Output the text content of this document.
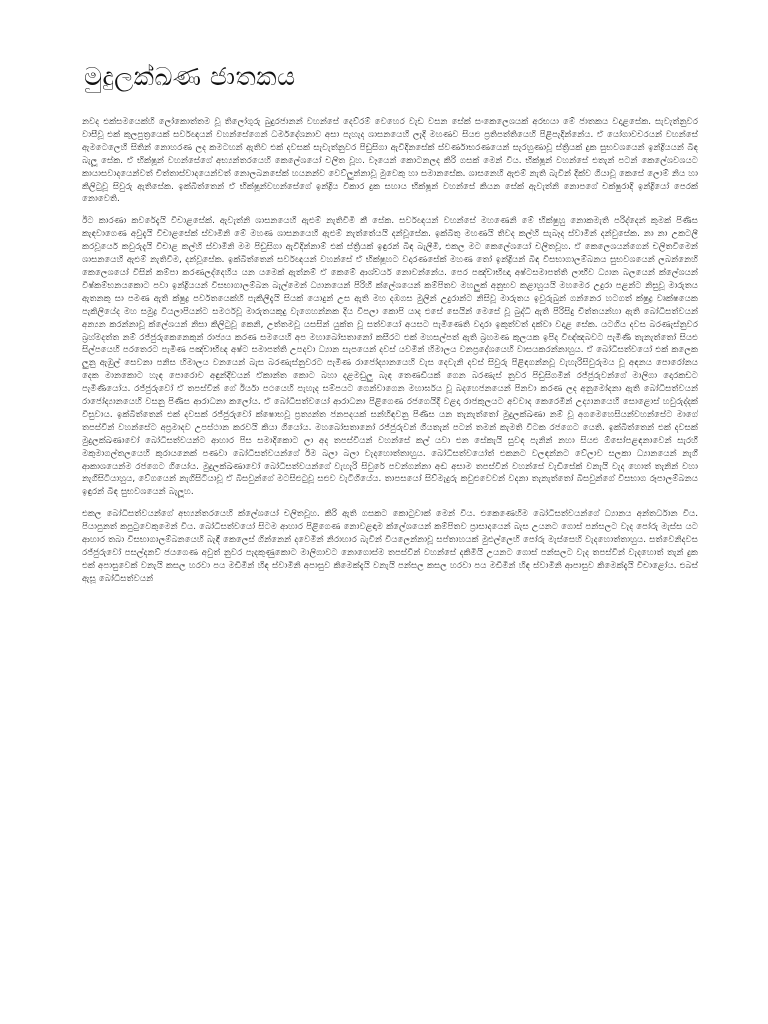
මුදුලක්ඛණ ජාතකය

නවද එක්සමයෙක්හි ලෝකොත්තම වූ තිලෝගුරු බුදුරජානන් වහන්සේ දෙව්රම් වෙහෙර වැඩ වසන සේක් සංකෙලෙශයක් අරභයා මේ ජාතකය වදාළසේක. සැවැත්නුවර වාසීවූ එක් කුලපුත්‍රයෙක් සර්වඥයන් වහන්සේගෙන් ධර්මදේශනාව අසා පැහැද ශාසනයෙහි ලැදි මහණව සියළු ප්‍රතිපත්තියෙහි පිළිපැදින්නේය. ඒ යෝගාවචරයන් වහන්සේ ඇමටෙලෙහි සිතින් නොහරණ ලද කමටහන් ඇතිව එක් දවසක් සැවැත්නුවර පිඩුසිගා ඇවිදිනසේක් ස්වර්ණාභරණයෙන් සැරහුණාවූ ස්ත්‍රියක් දුක සුභවශයෙන් ඉන්ද්‍රියයන් බිඳ බැලූ සේක. ඒ භික්ෂූන් වහන්සේගේ අභ්‍යන්තරයෙහි කෙලේශයෝ චලිත වූහ. වෑයෙන් කොටනලද කිරි ගසක් මෙන් විය. භික්ෂූන් වහන්සේ එතැන් පටන් කෙලේශවශයට කායාසවාදයෙන්වත් චිත්තාස්වාදයෙන්වත් නොලබනසේක් හයනන්ව වෙව්ලුන්නාවූ මුවෙකු හා සමානසේක. ශාසනෙහි ඇළුම් නැති බැවින් දික්ව ගියාවූ කෙසේ ලොම් නිය හා කිලිටුවූ සිවුරු ඇතිසේක. ඉක්බිත්තෙන් ඒ භික්ෂූන්වහන්සේගේ ඉන්ද්‍රිය විකාර දුක සහාය භික්ෂූන් වහන්සේ කියන සේක් ඇවැත්නි නොපගේ චක්ෂුරාදි ඉන්ද්‍රියෝ පෙරක් නොවෙති.

ඊට කාරණා කවරේදැයි විචාළසේක්. ඇවැත්නි ශාසනයෙහි ඇළුම් නැතිවිමි කී සේක. සර්වඥයන් වහන්සේ මහණෙනි මේ භික්ෂුහු නොකමැති පරිද්දෙන් කුමක් පිණිස කැඳවාගෙණ අවුදැයි විචාළසේක් ස්වාමිනි මේ මහණ ශාසනයෙහි ඇළුම් නැත්තේයයි දන්වූසේක. ඉක්බිතු මහණයි තිවද කල්හි සැබෑද ස්වාමීන් දන්වුසේක. නා නා උකටලී කරවූයෙර් කවුරුදැයි විචාළ කල්හි ස්වාමීනි මම පිඩුසිගා ඇවිදින්නාම් එක් ස්ත්‍රියක් ඉඳුරන් බිඳ බැලීමි, එකල මට කෙලේශයෝ චලිතවූහ. ඒ කෙලෙශයන්ගෙන් චලිතවීමෙන් ශාසනයෙහි ඇළුම් නැතිවීම, දන්වූසේක. ඉක්බිත්තෙන් සර්වඥයන් වහන්සේ ඒ භික්ෂූහට වදාරණසේක් මහණ තෝ ඉන්ද්‍රියන් බිඳ විසභාගාලම්බනය සුභවශයෙන් ලබන්නෙහි කෙලෙශයෝ විසින් කම්පා කරණලද්දෙහිය යන යමෙක් ඇත්නම් ඒ කෙමේ ආශ්චර්ය නොවන්නේය. පෙර පඤ්චාභිඥා අෂ්ටසමාපත්ති ලාභීව ධ්‍යාන බලයෙන් ක්ලේශයන් විෂ්කම්භනයකොට පවා ඉන්ද්‍රියයන් විසභාගාලම්බන බැල්මෙන් ධ්‍යානයෙන් පිරිහී ක්ලේශයෙන් කම්පිතව මහලුක් අනුභව කළාහුයයි මහමෙර උදුරා පළන්ට නිසුවූ මාරුතය ඇතනකු සා පමණ ඇති ක්ෂුද්‍ර පර්වතයෙක්හි පැකිලීදැයි සියක් යොදුන් උස ඇති මහ දඹගස මුලින් උදුරාන්ට නිසිවූ මාරුතය ඉවුරුබුන් ගන්නෙර හටගත් ක්ෂුද්‍ර වෘක්ෂයෙක පැකිලියේද මහ සමුද්‍ර වියලාපියන්ට සමර්ථවූ මාරුතයකුදු වැගෙහන්නක දිය විපලා කොපි යාද එසේ සෙයින් මෙසේ වූ බුද්ධි ඇති පිරිසිදු චිත්තයන්හා ඇති බෝධිසත්වයන් අන්‍යන කරන්නාවූ ක්ලේශයන් නිසා කිලිටුවූ කෙනි, උත්තමවූ යසසින් යුක්ත වූ සත්වයෝ අයසට පැමිණෙති වදාරා ඉකුත්වත් දක්වා වදාළ සේක. යටගිය දවස බරණැස්නුවර බ්‍රහ්මදත්ත නම් රජ්ජුරුකෙනෙකුන් රාජ්‍යය කරණ සමයෙහි අප මහාබෝසතානෝ කසීරට එක් මහසල්පත් ඇති බ්‍රහමණ කුලයක ඉපිද විඥ්ඤබවට පැමිණි තැනැත්තෝ සියළු සිල්පයෙහි පරතෙරට පැමිණ පඤ්චාභිඥ අෂ්ට සමාපත්ති උපදවා ධ්‍යාන සැපයෙන් දවස් යවමින් හිමාලය වනප්‍රදේශයෙහි වාසයකරන්නාහුය. ඒ බෝධිසත්වයෝ එක් කලෙක ලුනු ඇඹුල් සෙවනා පනිස හිමාලය වනයෙන් බැස බරණැස්නුවරට පැමිණ රාජෝද්‍යානයෙහි වැස දෙවැනි දවස් සිවුරු පිළිඳගන්නවූ වැහැරිසිවුරුමය වූ අඳනය පොරෝනය දෙක මානකොට හැඳ පොරොව අඳුන්දිවයන් ඒකාන්ත කොට බහා දළමඩුලු බැඳ තෙණඩියක් ගෙන බරණැස් නුවර පිඩුසිගමින් රජ්ජුරුවන්ගේ මාලිගා දොරකඩට පැමිණියෝය. රජ්ජුරුවෝ ඒ තපස්වීන් ගේ ඊර්යා පථයෙහි පැහැද සම්පයට ගෙන්වාගෙන මහාර්ඝය වූ බදහෙජනයෙන් පිනවා කරණ ලද අනුමෝදනා ඇති බෝධිසත්වයන් රාජෝද්‍යානයෙහි වසනු පිණිස ආරාධනා කලෝය. ඒ බෝධිසත්වයෝ ආරාධනා පිළිගෙණ රජගෙයිදී වළදා රාජකුලයට අවවාද කෙරෙමින් උද්‍යානයෙහි සොළොස් හවුරුද්දක් විසුවාය. ඉක්බිත්තෙන් එක් දවසක් රජ්ජුරුවෝ ක්ෂොභවූ ප්‍රත්‍යන්ත ජනපදයක් සන්හිඳවනු පිණිස යන තැනැත්තෝ මුදුලක්ඛණා නම් වූ අගමෙහෙසියන්වහන්සේට මාගේ තපස්වීන් වහන්සේට අප්‍රමාදව උපස්ථාන කරවයි කියා ගියෝය. මහබෝසතානෝ රජ්ජුරුවන් ගියතැන් පටන් තමන් කැමති විටක රජගෙට යෙති. ඉක්බිත්තෙන් එක් දවසක් මුදුලක්ඛණාවෝ බෝධිසත්වයන්ට ආහාර පිස සමාදිකොට ලා අද තපස්වියන් වහන්සේ කල් යවා එන සේකැයි සුවඳ පැනින් නහා සියළු ඕසෝපළඳනාවෙන් සැරහී මකුමාගල්තලයෙහි කුරායනෙක් පණවා බෝධිසත්වයන්ගේ ඊම බලා බලා වැදහොත්තාහුය. බෝධිසත්වයෝත් එකනට වලඳන්නට වේලාව සලකා ධ්‍යානයෙන් නැගී ආකාශයෙන්ම රජගෙට ගියෝය. මුදුලක්ඛණාවෝ බෝධිසත්වයන්ගේ වැහැරි සිවුරේ පවන්ගන්නා අඬ අසාම තපස්වීන් වහන්සේ වැඩිසේක් වනැයි වැද හොත් තැනින් වහා නැගිසිටියාහුය, වේගයෙන් නැගිසිටියාවූ ඒ බිසවුන්ගේ මටසිළුටුවූ සළුව වැටීගියේය. තාපසයෝ සිව්මැදුරු කවුළුවෙවන් වදනා තැනැත්තෝ බිසවුන්ගේ විසභාග රූපාලම්බනය ඉඳුරන් බිඳ සුභවශයෙන් බැලූහ.

එකල බෝධිසත්වයන්ගේ අභ්‍යන්තරයෙහි ක්ලේශයෝ චලිතවූහ. කිරි ඇති ගසකට කොටුවාක් මෙන් විය. එකෙණෙහිම බෝධිසත්වයන්ගේ ධ්‍යානය අන්තර්ධාන විය. පියාපුනත් කපුටුවෙකුමෙන් විය. බෝධිසත්වයෝ සිටම ආහාර පිළිගෙණ නොවළඳාම ක්ලේශයෙන් කම්පිතව ප්‍රාසාදයෙන් බැස උයනට ගොස් පන්සලට වැද පෝරු මැස්ස යට ආහාර තබා විසභාගාලම්බනයෙහි බැඳී කෙලෙස් ගින්නෙන් දවෙමින් නිරාහාර බැවින් වියලෙන්නාවූ සප්තාහයක් මුළුල්ලෙහි පෝරු මැස්සෙහි වැදහොත්තාහුය. සත්වෙනිදවස රජ්ජුරුවෝ පසල්දනව් ජයගෙණ අවුත් නුවර පැදකුණුකොට මාලිගාවට නොගොස්ම තපස්වීන් වහන්සේ දකිමියි උයනට ගොස් පන්සලට වැද තපස්වීන් වැදහොත් තැන් දුක එක් අපාසුවෙක් වනැයි කසල හරවා පය මඩිමින් හිඳ ස්වාමිනි අපාසුව කිමෙක්දැයි වනැයි පන්සල කසල හරවා පය මඩිමින් හිඳ ස්වාමිනි ආපාසුව කිමෙක්දැයි විචාළෝය. එබස් ඇසූ බෝධිසත්වයන්
